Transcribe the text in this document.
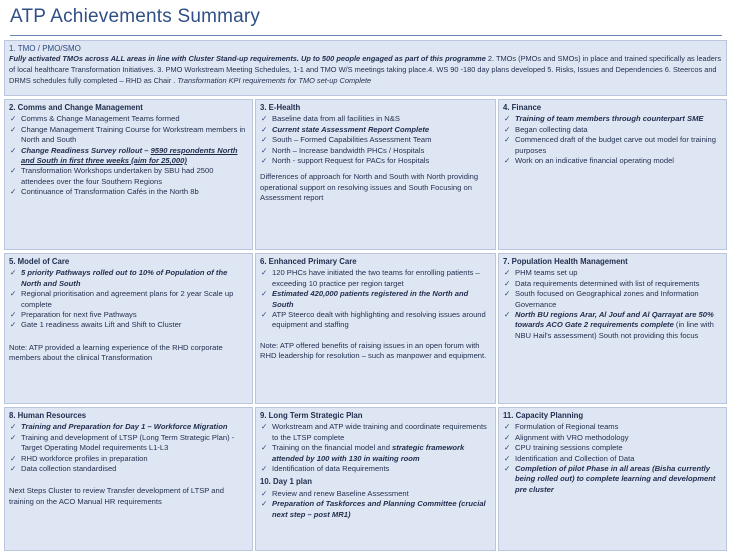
ATP Achievements Summary
1. TMO / PMO/SMO

Fully activated TMOs across ALL areas in line with Cluster Stand-up requirements. Up to 500 people engaged as part of this programme 2. TMOs (PMOs and SMOs) in place and trained specifically as leaders of local healthcare Transformation Initiatives. 3. PMO Workstream Meeting Schedules, 1-1 and TMO W/S meetings taking place.4. WS 90 -180 day plans developed 5. Risks, Issues and Dependencies 6. Steercos and DRMS schedules fully completed – RHD as Chair . Transformation KPI requirements for TMO set-up Complete

2. Comms and Change Management
✓ Comms & Change Management Teams formed
✓ Change Management Training Course for Workstream members in North and South
✓ Change Readiness Survey rollout – 9590 respondents North and South in first three weeks (aim for 25,000)
✓ Transformation Workshops undertaken by SBU had 2500 attendees over the four Southern Regions
✓ Continuance of Transformation Cafés in the North 8b
3. E-Health
✓ Baseline data from all facilities in N&S
✓ Current state Assessment Report Complete
✓ South – Formed Capabilities Assessment Team
✓ North – Increase bandwidth PHCs / Hospitals
✓ North - support Request for PACs for Hospitals
Differences of approach for North and South with North providing operational support on resolving issues and South Focusing on Assessment report
4. Finance
✓ Training of team members through counterpart SME
✓ Began collecting data
✓ Commenced draft of the budget carve out model for training purposes
✓ Work on an indicative financial operating model
5. Model of Care
✓ 5 priority Pathways rolled out to 10% of Population of the North and South
✓ Regional prioritisation and agreement plans for 2 year Scale up complete
✓ Preparation for next five Pathways
✓ Gate 1 readiness awaits Lift and Shift to Cluster
Note: ATP provided a learning experience of the RHD corporate members about the clinical Transformation
6. Enhanced Primary Care
✓ 120 PHCs have initiated the two teams for enrolling patients – exceeding 10 practice per region target
✓ Estimated 420,000 patients registered in the North and South
✓ ATP Steerco dealt with highlighting and resolving issues around equipment and staffing
Note: ATP offered benefits of raising issues in an open forum with RHD leadership for resolution – such as manpower and equipment.
7. Population Health Management
✓ PHM teams set up
✓ Data requirements determined with list of requirements
✓ South focused on Geographical zones and Information Governance
✓ North BU regions Arar, Al Jouf and Al Qarrayat are 50% towards ACO Gate 2 requirements complete (in line with NBU Hail's assessment) South not providing this focus
8. Human Resources
✓ Training and Preparation for Day 1 – Workforce Migration
✓ Training and development of LTSP (Long Term Strategic Plan) - Target Operating Model requirements L1-L3
✓ RHD workforce profiles in preparation
✓ Data collection standardised
Next Steps Cluster to review Transfer development of LTSP and training on the ACO Manual HR requirements
9. Long Term Strategic Plan
✓ Workstream and ATP wide training and coordinate requirements to the LTSP complete
✓ Training on the financial model and strategic framework attended by 100 with 130 in waiting room
✓ Identification of data Requirements
10. Day 1 plan
✓ Review and renew Baseline Assessment
✓ Preparation of Taskforces and Planning Committee (crucial next step – post MR1)
11. Capacity Planning
✓ Formulation of Regional teams
✓ Alignment with VRO methodology
✓ CPU training sessions complete
✓ Identification and Collection of Data
✓ Completion of pilot Phase in all areas (Bisha currently being rolled out) to complete learning and development pre cluster
